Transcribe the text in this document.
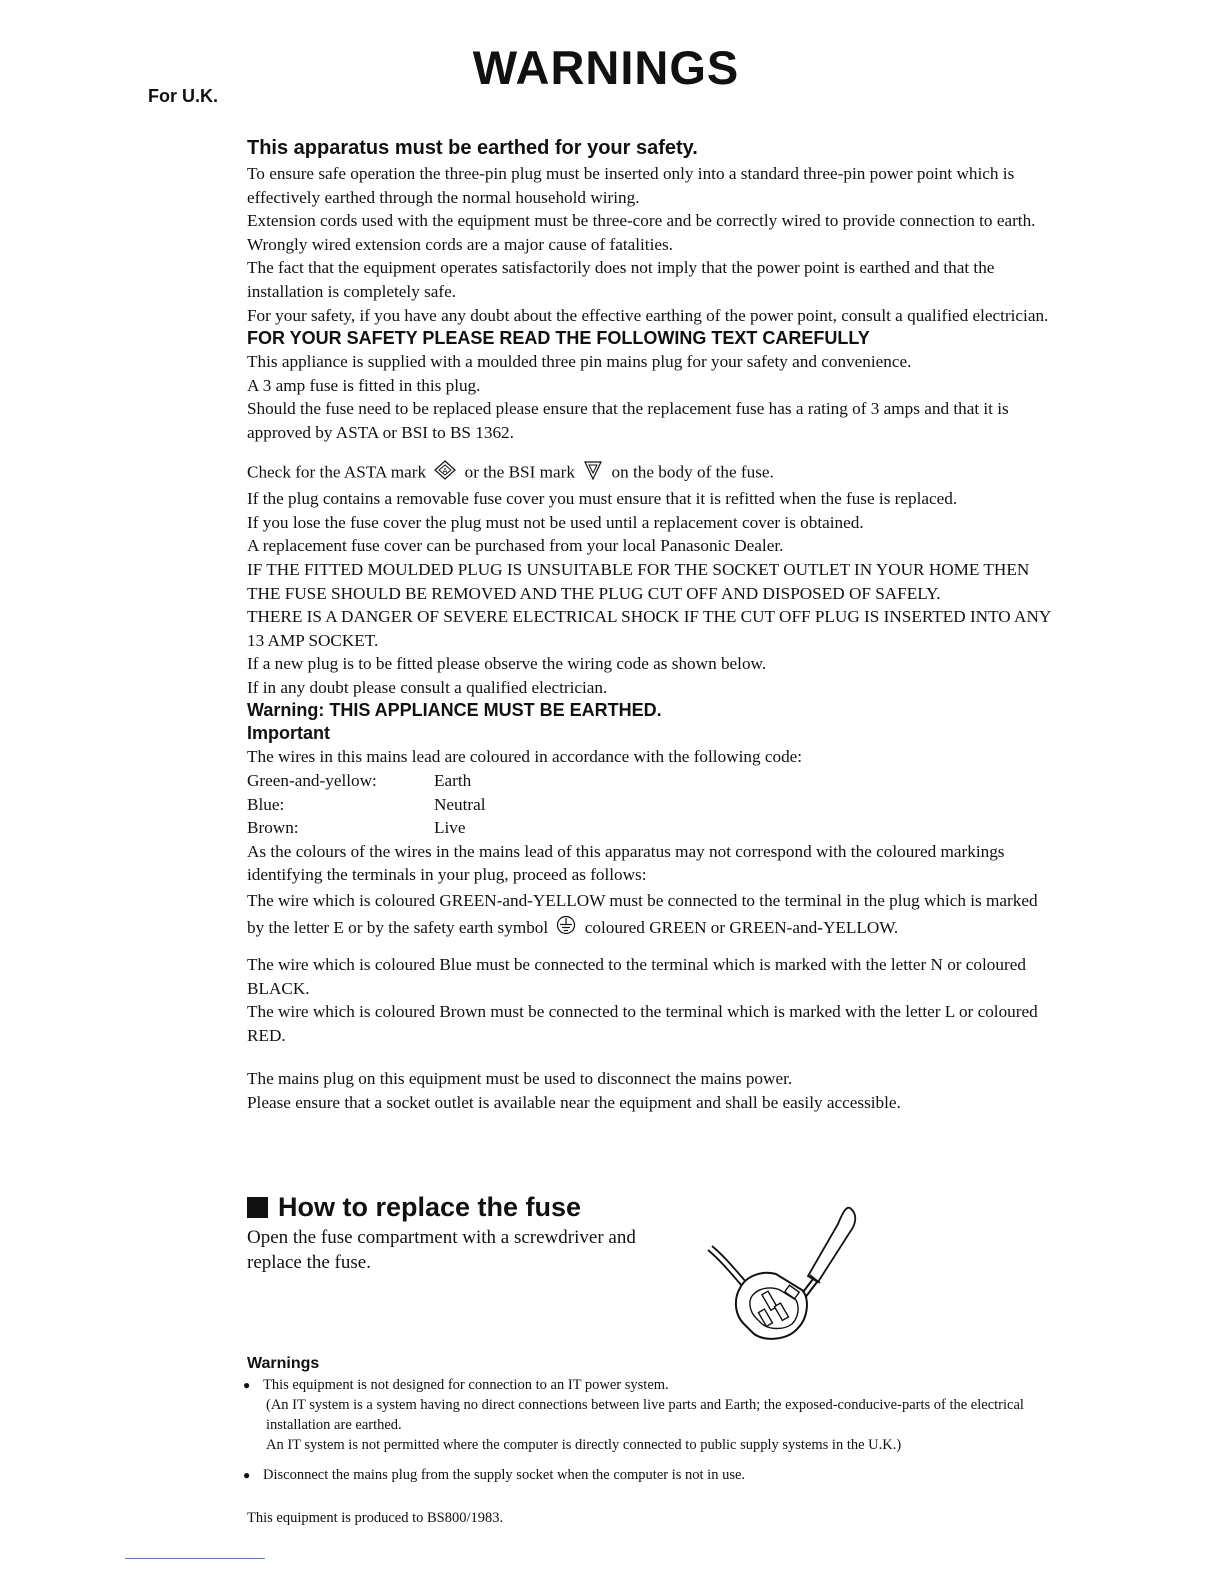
For U.K.
WARNINGS
This apparatus must be earthed for your safety.

To ensure safe operation the three-pin plug must be inserted only into a standard three-pin power point which is effectively earthed through the normal household wiring.

Extension cords used with the equipment must be three-core and be correctly wired to provide connection to earth. Wrongly wired extension cords are a major cause of fatalities.

The fact that the equipment operates satisfactorily does not imply that the power point is earthed and that the installation is completely safe.

For your safety, if you have any doubt about the effective earthing of the power point, consult a qualified electrician.

FOR YOUR SAFETY PLEASE READ THE FOLLOWING TEXT CAREFULLY

This appliance is supplied with a moulded three pin mains plug for your safety and convenience.

A 3 amp fuse is fitted in this plug.

Should the fuse need to be replaced please ensure that the replacement fuse has a rating of 3 amps and that it is approved by ASTA or BSI to BS 1362.

Check for the ASTA mark A or the BSI mark on the body of the fuse.

If the plug contains a removable fuse cover you must ensure that it is refitted when the fuse is replaced.

If you lose the fuse cover the plug must not be used until a replacement cover is obtained.

A replacement fuse cover can be purchased from your local Panasonic Dealer.

IF THE FITTED MOULDED PLUG IS UNSUITABLE FOR THE SOCKET OUTLET IN YOUR HOME THEN THE FUSE SHOULD BE REMOVED AND THE PLUG CUT OFF AND DISPOSED OF SAFELY.

THERE IS A DANGER OF SEVERE ELECTRICAL SHOCK IF THE CUT OFF PLUG IS INSERTED INTO ANY 13 AMP SOCKET.

If a new plug is to be fitted please observe the wiring code as shown below.

If in any doubt please consult a qualified electrician.

Warning: THIS APPLIANCE MUST BE EARTHED.
Important

The wires in this mains lead are coloured in accordance with the following code:

Green-and-yellow:	Earth
Blue:	Neutral
Brown:	Live

As the colours of the wires in the mains lead of this apparatus may not correspond with the coloured markings identifying the terminals in your plug, proceed as follows:

The wire which is coloured GREEN-and-YELLOW must be connected to the terminal in the plug which is marked by the letter E or by the safety earth symbol coloured GREEN or GREEN-and-YELLOW.

The wire which is coloured Blue must be connected to the terminal which is marked with the letter N or coloured BLACK.

The wire which is coloured Brown must be connected to the terminal which is marked with the letter L or coloured RED.

The mains plug on this equipment must be used to disconnect the mains power.

Please ensure that a socket outlet is available near the equipment and shall be easily accessible.

How to replace the fuse
Open the fuse compartment with a screwdriver and replace the fuse.
Warnings
● This equipment is not designed for connection to an IT power system.
(An IT system is a system having no direct connections between live parts and Earth; the exposed-conducive-parts of the electrical installation are earthed.
An IT system is not permitted where the computer is directly connected to public supply systems in the U.K.)
● Disconnect the mains plug from the supply socket when the computer is not in use.
This equipment is produced to BS800/1983.
